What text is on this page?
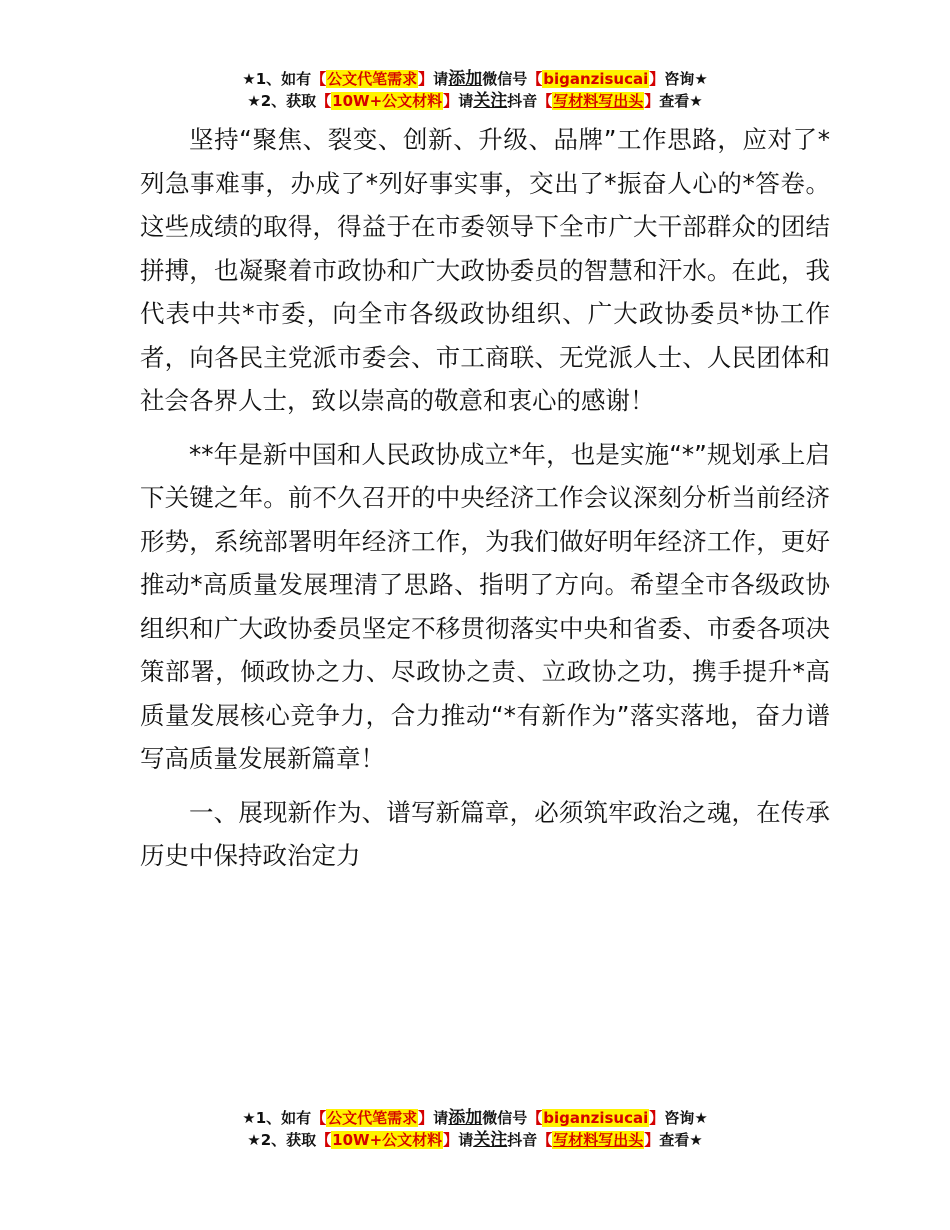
★1、如有【公文代笔需求】请添加微信号【biganzisucai】咨询★
★2、获取【10W+公文材料】请关注抖音【写材料写出头】查看★

坚持“聚焦、裂变、创新、升级、品牌”工作思路，应对了*列急事难事，办成了*列好事实事，交出了*振奋人心的*答卷。这些成绩的取得，得益于在市委领导下全市广大干部群众的团结拼搏，也凝聚着市政协和广大政协委员的智慧和汗水。在此，我代表中共*市委，向全市各级政协组织、广大政协委员*协工作者，向各民主党派市委会、市工商联、无党派人士、人民团体和社会各界人士，致以崇高的敬意和衷心的感谢！

**年是新中国和人民政协成立*年，也是实施“*”规划承上启下关键之年。前不久召开的中央经济工作会议深刻分析当前经济形势，系统部署明年经济工作，为我们做好明年经济工作，更好推动*高质量发展理清了思路、指明了方向。希望全市各级政协组织和广大政协委员坚定不移贯彻落实中央和省委、市委各项决策部署，倾政协之力、尽政协之责、立政协之功，携手提升*高质量发展核心竞争力，合力推动“*有新作为”落实落地，奋力谱写高质量发展新篇章！

一、展现新作为、谱写新篇章，必须筑牢政治之魂，在传承历史中保持政治定力

★1、如有【公文代笔需求】请添加微信号【biganzisucai】咨询★
★2、获取【10W+公文材料】请关注抖音【写材料写出头】查看★
